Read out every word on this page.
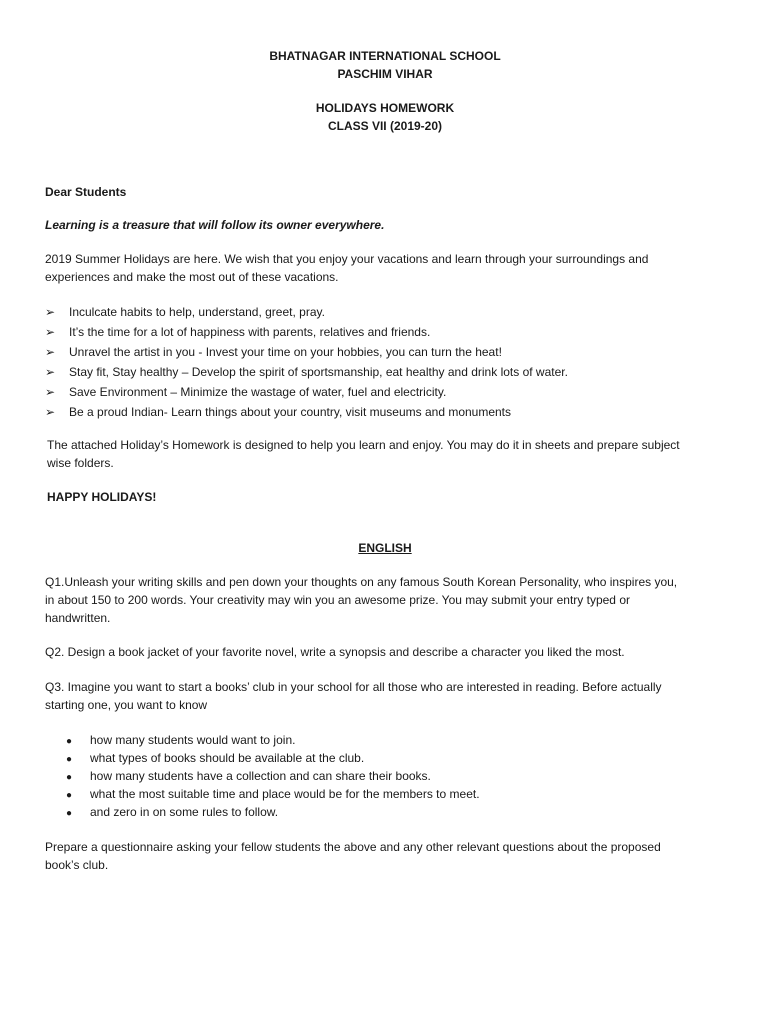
BHATNAGAR INTERNATIONAL SCHOOL

PASCHIM VIHAR

HOLIDAYS HOMEWORK

CLASS VII (2019-20)

Dear Students

Learning is a treasure that will follow its owner everywhere.

2019 Summer Holidays are here. We wish that you enjoy your vacations and learn through your surroundings and
experiences and make the most out of these vacations.
➢ Inculcate habits to help, understand, greet, pray.
➢ It’s the time for a lot of happiness with parents, relatives and friends.
➢ Unravel the artist in you - Invest your time on your hobbies, you can turn the heat!
➢ Stay fit, Stay healthy – Develop the spirit of sportsmanship, eat healthy and drink lots of water.
➢ Save Environment – Minimize the wastage of water, fuel and electricity.
➢ Be a proud Indian- Learn things about your country, visit museums and monuments
The attached Holiday’s Homework is designed to help you learn and enjoy. You may do it in sheets and prepare subject
wise folders.

HAPPY HOLIDAYS!

ENGLISH

Q1.Unleash your writing skills and pen down your thoughts on any famous South Korean Personality, who inspires you,
in about 150 to 200 words. Your creativity may win you an awesome prize. You may submit your entry typed or
handwritten.

Q2. Design a book jacket of your favorite novel, write a synopsis and describe a character you liked the most.

Q3. Imagine you want to start a books’ club in your school for all those who are interested in reading. Before actually
starting one, you want to know
● how many students would want to join.
● what types of books should be available at the club.
● how many students have a collection and can share their books.
● what the most suitable time and place would be for the members to meet.
● and zero in on some rules to follow.
Prepare a questionnaire asking your fellow students the above and any other relevant questions about the proposed
book’s club.
